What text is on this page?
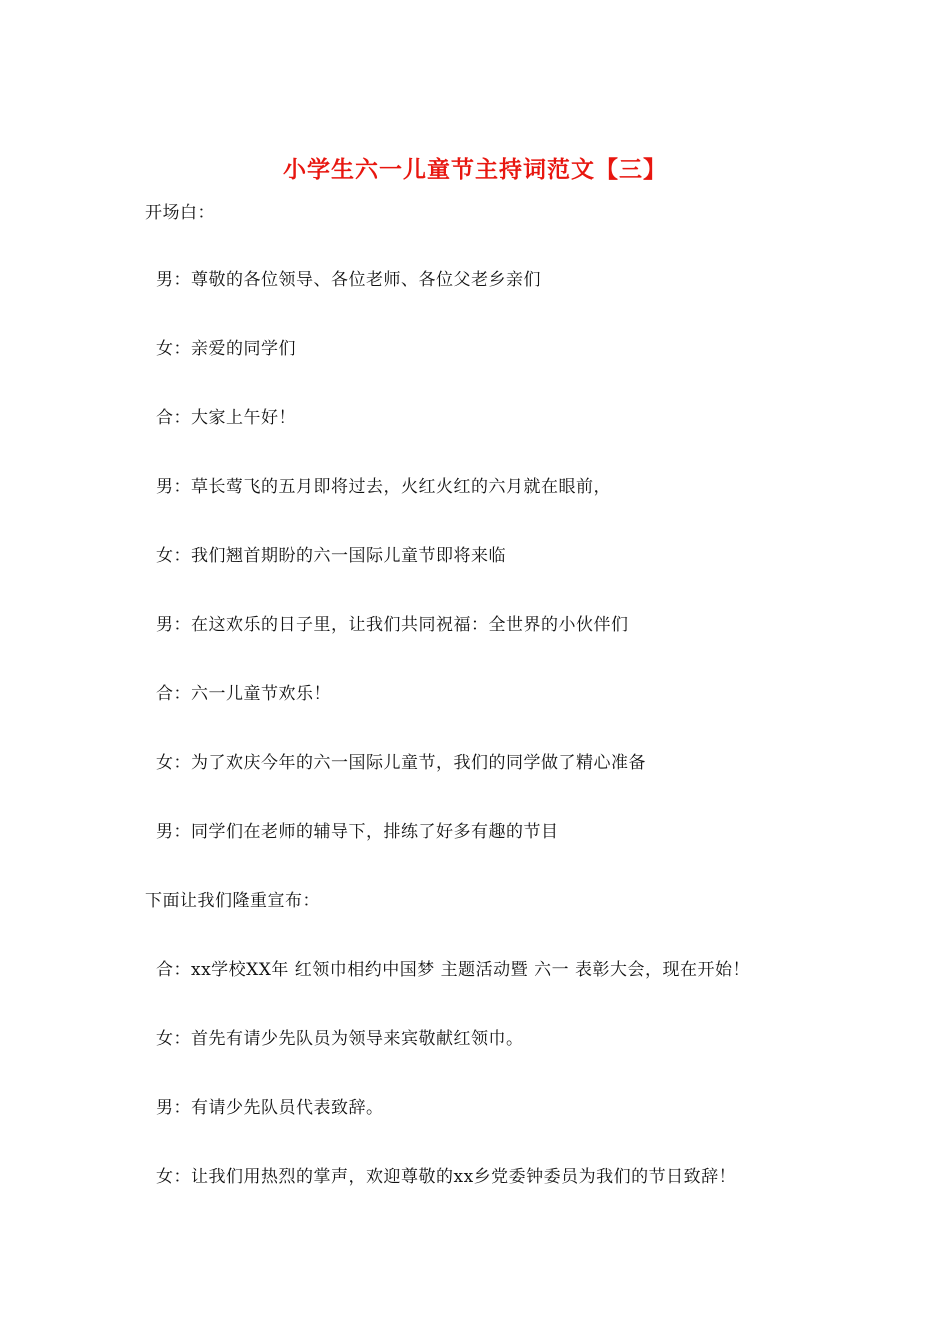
小学生六一儿童节主持词范文【三】
开场白：
男：尊敬的各位领导、各位老师、各位父老乡亲们
女：亲爱的同学们
合：大家上午好！
男：草长莺飞的五月即将过去，火红火红的六月就在眼前，
女：我们翘首期盼的六一国际儿童节即将来临
男：在这欢乐的日子里，让我们共同祝福：全世界的小伙伴们
合：六一儿童节欢乐！
女：为了欢庆今年的六一国际儿童节，我们的同学做了精心准备
男：同学们在老师的辅导下，排练了好多有趣的节目
下面让我们隆重宣布：
合：xx学校XX年 红领巾相约中国梦 主题活动暨 六一 表彰大会，现在开始！
女：首先有请少先队员为领导来宾敬献红领巾。
男：有请少先队员代表致辞。
女：让我们用热烈的掌声，欢迎尊敬的xx乡党委钟委员为我们的节日致辞！
